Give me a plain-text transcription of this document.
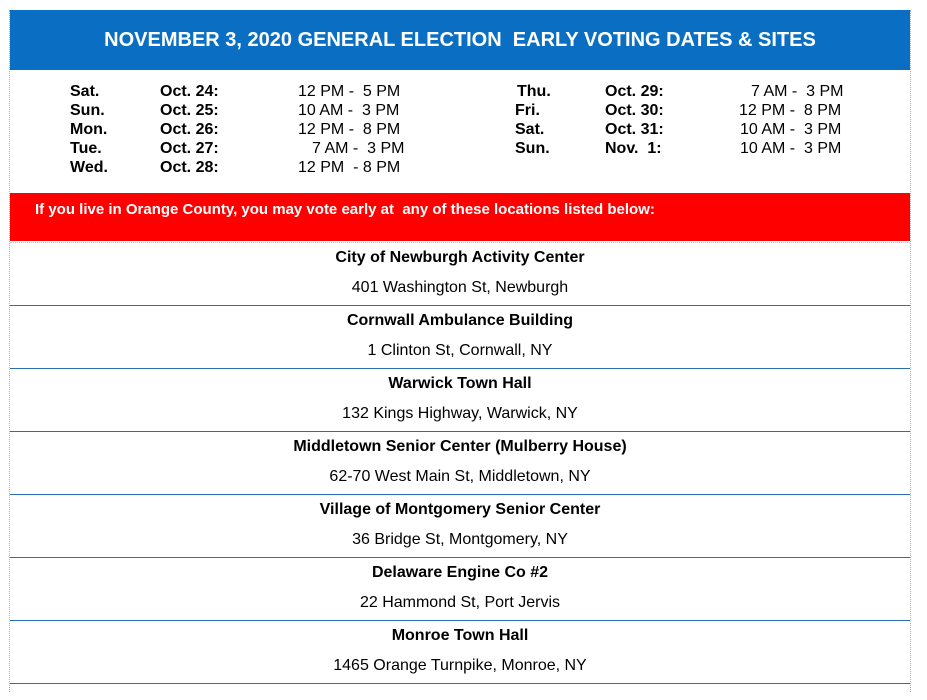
NOVEMBER 3, 2020 GENERAL ELECTION  EARLY VOTING DATES & SITES
Sat.	Oct. 24:	12 PM -  5 PM
Sun.	Oct. 25:	10 AM -  3 PM
Mon.	Oct. 26:	12 PM -  8 PM
Tue.	Oct. 27:	7 AM -  3 PM
Wed.	Oct. 28:	12 PM  - 8 PM
Thu.	Oct. 29:	7 AM -  3 PM
Fri.	Oct. 30:	12 PM -  8 PM
Sat.	Oct. 31:	10 AM -  3 PM
Sun.	Nov.  1:	10 AM -  3 PM
If you live in Orange County, you may vote early at  any of these locations listed below:
City of Newburgh Activity Center
401 Washington St, Newburgh
Cornwall Ambulance Building
1 Clinton St, Cornwall, NY
Warwick Town Hall
132 Kings Highway, Warwick, NY
Middletown Senior Center (Mulberry House)
62-70 West Main St, Middletown, NY
Village of Montgomery Senior Center
36 Bridge St, Montgomery, NY
Delaware Engine Co #2
22 Hammond St, Port Jervis
Monroe Town Hall
1465 Orange Turnpike, Monroe, NY
